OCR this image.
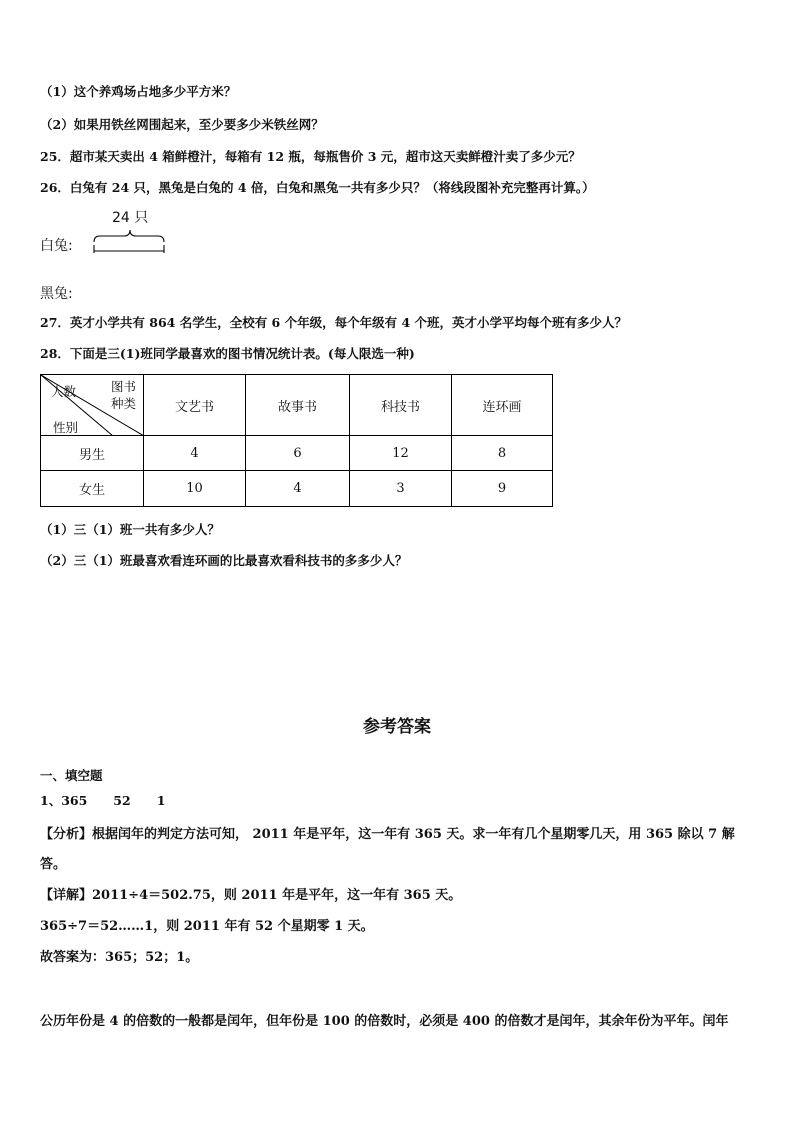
（1）这个养鸡场占地多少平方米？
（2）如果用铁丝网围起来，至少要多少米铁丝网？
25．超市某天卖出 4 箱鲜橙汁，每箱有 12 瓶，每瓶售价 3 元，超市这天卖鲜橙汁卖了多少元？
26．白兔有 24 只，黑兔是白兔的 4 倍，白兔和黑兔一共有多少只？（将线段图补充完整再计算。）
24 只
白兔:
黑兔:
27．英才小学共有 864 名学生，全校有 6 个年级，每个年级有 4 个班，英才小学平均每个班有多少人？
28．下面是三(1)班同学最喜欢的图书情况统计表。(每人限选一种)
图书
种类
人数
性别	文艺书	故事书	科技书	连环画
男生	4	6	12	8
女生	10	4	3	9
（1）三（1）班一共有多少人？
（2）三（1）班最喜欢看连环画的比最喜欢看科技书的多多少人？
参考答案
一、填空题
1、365 52 1
【分析】根据闰年的判定方法可知， 2011 年是平年，这一年有 365 天。求一年有几个星期零几天，用 365 除以 7 解
答。
【详解】2011÷4＝502.75，则 2011 年是平年，这一年有 365 天。
365÷7＝52……1，则 2011 年有 52 个星期零 1 天。
故答案为：365；52；1。
公历年份是 4 的倍数的一般都是闰年，但年份是 100 的倍数时，必须是 400 的倍数才是闰年，其余年份为平年。闰年
